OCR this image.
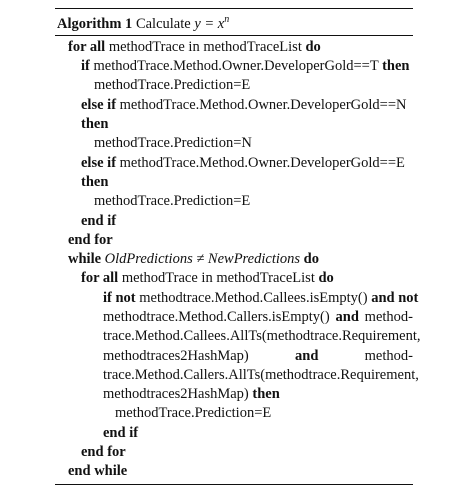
Algorithm 1 Calculate $y = x^n$
for all methodTrace in methodTraceList do
if methodTrace.Method.Owner.DeveloperGold==T then
methodTrace.Prediction=E
else if methodTrace.Method.Owner.DeveloperGold==N
then
methodTrace.Prediction=N
else if methodTrace.Method.Owner.DeveloperGold==E
then
methodTrace.Prediction=E
end if
end for
while OldPredictions ≠ NewPredictions do
for all methodTrace in methodTraceList do
if not methodtrace.Method.Callees.isEmpty() and not
methodtrace.Method.Callers.isEmpty() and method-
trace.Method.Callees.AllTs(methodtrace.Requirement,
methodtraces2HashMap)	and	method-
trace.Method.Callers.AllTs(methodtrace.Requirement,
methodtraces2HashMap) then
methodTrace.Prediction=E
end if
end for
end while
